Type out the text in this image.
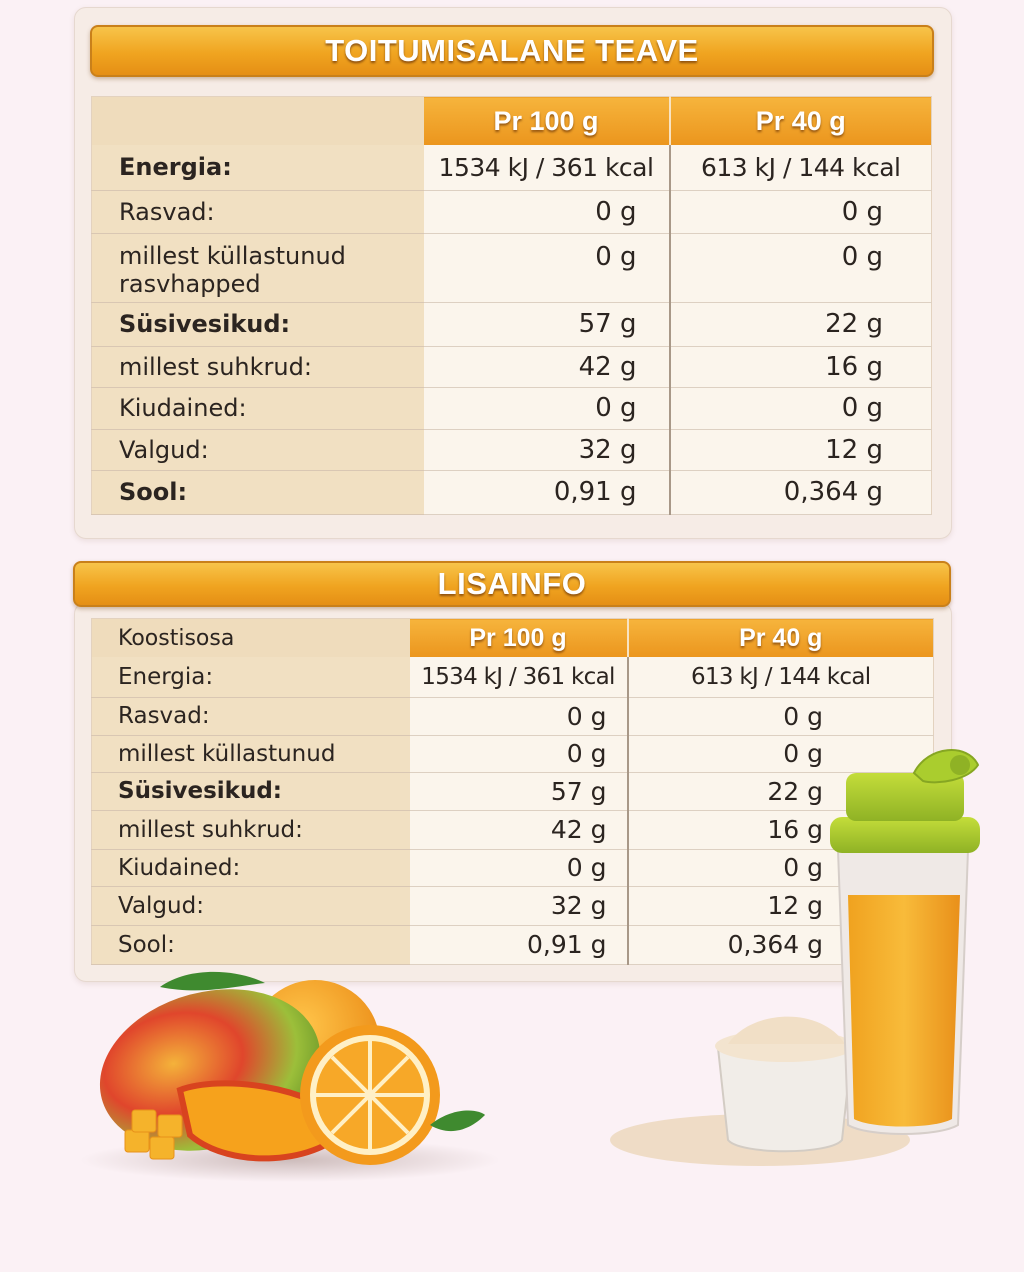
TOITUMISALANE TEAVE
	Pr 100 g	Pr 40 g
Energia:	1534 kJ / 361 kcal	613 kJ / 144 kcal
Rasvad:	0 g	0 g
millest küllastunud rasvhapped	0 g	0 g
Süsivesikud:	57 g	22 g
millest suhkrud:	42 g	16 g
Kiudained:	0 g	0 g
Valgud:	32 g	12 g
Sool:	0,91 g	0,364 g
LISAINFO
Koostisosa	Pr 100 g	Pr 40 g
Energia:	1534 kJ / 361 kcal	613 kJ / 144 kcal
Rasvad:	0 g	0 g
millest küllastunud	0 g	0 g
Süsivesikud:	57 g	22 g
millest suhkrud:	42 g	16 g
Kiudained:	0 g	0 g
Valgud:	32 g	12 g
Sool:	0,91 g	0,364 g
